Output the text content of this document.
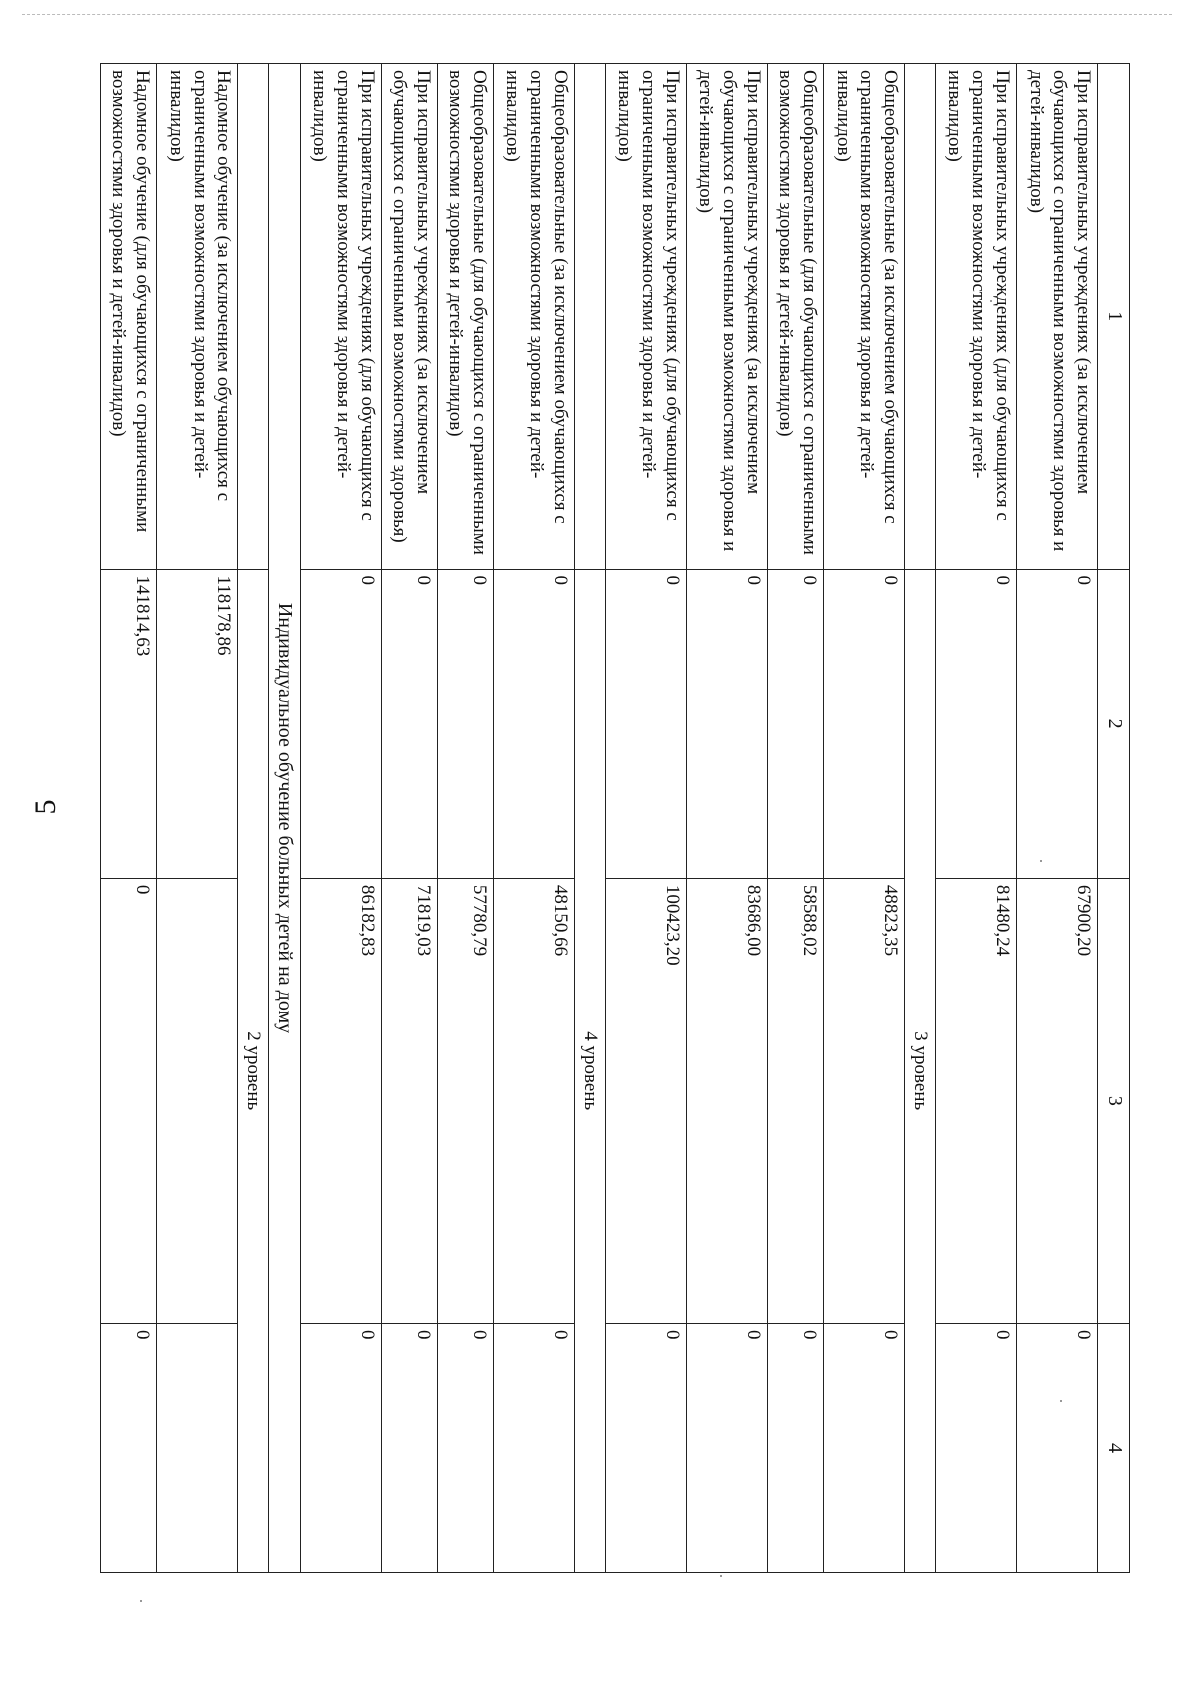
5
1	2	3	4
При исправительных учреждениях (за исключением обучающихся с ограниченными возможностями здоровья и детей-инвалидов)	0	67900,20	0
При исправительных учреждениях (для обучающихся с ограниченными возможностями здоровья и детей-инвалидов)	0	81480,24	0
	3 уровень		
Общеобразовательные (за исключением обучающихся с ограниченными возможностями здоровья и детей-инвалидов)	0	48823,35	0
Общеобразовательные (для обучающихся с ограниченными возможностями здоровья и детей-инвалидов)	0	58588,02	0
При исправительных учреждениях (за исключением обучающихся с ограниченными возможностями здоровья и детей-инвалидов)	0	83686,00	0
При исправительных учреждениях (для обучающихся с ограниченными возможностями здоровья и детей-инвалидов)	0	100423,20	0
	4 уровень		
Общеобразовательные (за исключением обучающихся с ограниченными возможностями здоровья и детей-инвалидов)	0	48150,66	0
Общеобразовательные (для обучающихся с ограниченными возможностями здоровья и детей-инвалидов)	0	57780,79	0
При исправительных учреждениях (за исключением обучающихся с ограниченными возможностями здоровья)	0	71819,03	0
При исправительных учреждениях (для обучающихся с ограниченными возможностями здоровья и детей-инвалидов)	0	86182,83	0
Индивидуальное обучение больных детей на дому			
	2 уровень		
Надомное обучение (за исключением обучающихся с ограниченными возможностями здоровья и детей-инвалидов)	118178,86		
Надомное обучение (для обучающихся с ограниченными возможностями здоровья и детей-инвалидов)	141814,63	0	0
